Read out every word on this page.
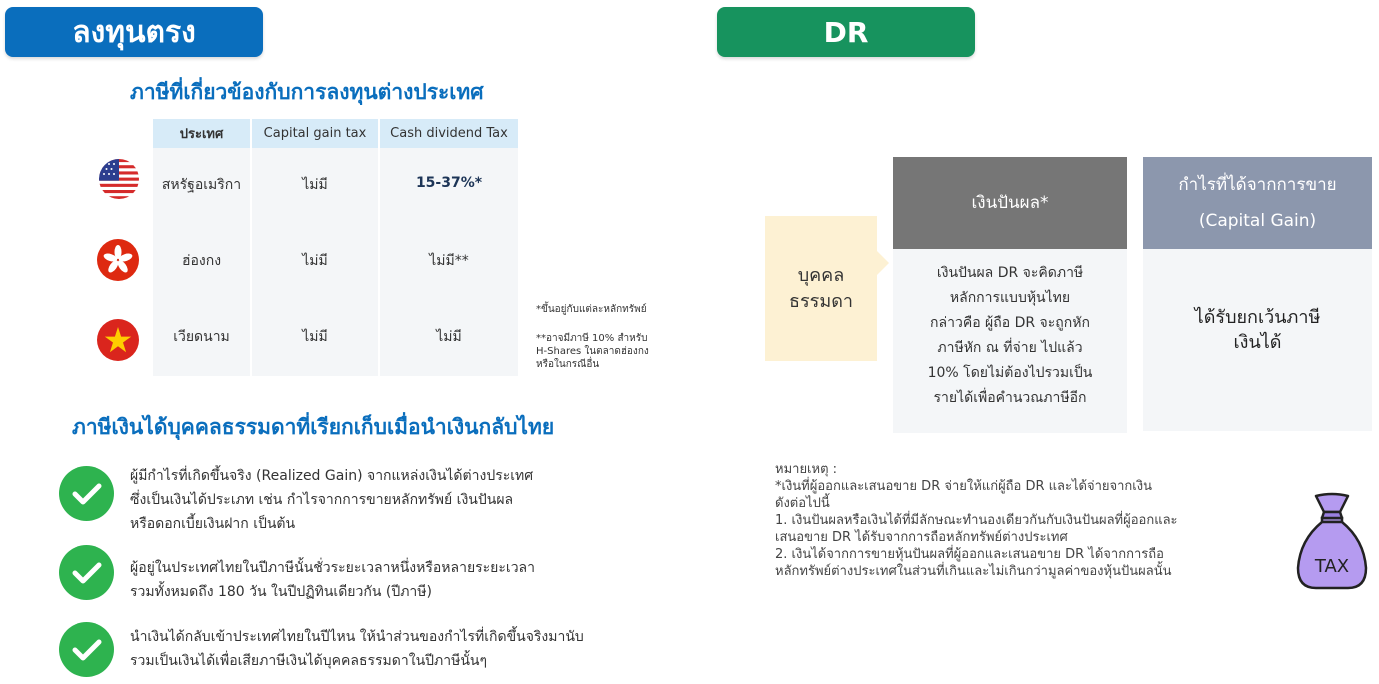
ลงทุนตรง
ภาษีที่เกี่ยวข้องกับการลงทุนต่างประเทศ
ประเทศ	Capital gain tax	Cash dividend Tax
สหรัฐอเมริกา	ไม่มี	15-37%*
ฮ่องกง	ไม่มี	ไม่มี**
เวียดนาม	ไม่มี	ไม่มี
*ขึ้นอยู่กับแต่ละหลักทรัพย์
**อาจมีภาษี 10% สำหรับ
H-Shares ในตลาดฮ่องกง
หรือในกรณีอื่น
ภาษีเงินได้บุคคลธรรมดาที่เรียกเก็บเมื่อนำเงินกลับไทย
ผู้มีกำไรที่เกิดขึ้นจริง (Realized Gain) จากแหล่งเงินได้ต่างประเทศ
ซึ่งเป็นเงินได้ประเภท เช่น กำไรจากการขายหลักทรัพย์ เงินปันผล
หรือดอกเบี้ยเงินฝาก เป็นต้น
ผู้อยู่ในประเทศไทยในปีภาษีนั้นชั่วระยะเวลาหนึ่งหรือหลายระยะเวลา
รวมทั้งหมดถึง 180 วัน ในปีปฏิทินเดียวกัน (ปีภาษี)
นำเงินได้กลับเข้าประเทศไทยในปีไหน ให้นำส่วนของกำไรที่เกิดขึ้นจริงมานับ
รวมเป็นเงินได้เพื่อเสียภาษีเงินได้บุคคลธรรมดาในปีภาษีนั้นๆ
DR
บุคคล
ธรรมดา
เงินปันผล*
เงินปันผล DR จะคิดภาษี
หลักการแบบหุ้นไทย
กล่าวคือ ผู้ถือ DR จะถูกหัก
ภาษีหัก ณ ที่จ่าย ไปแล้ว
10% โดยไม่ต้องไปรวมเป็น
รายได้เพื่อคำนวณภาษีอีก
กำไรที่ได้จากการขาย
(Capital Gain)
ได้รับยกเว้นภาษี
เงินได้
หมายเหตุ :
*เงินที่ผู้ออกและเสนอขาย DR จ่ายให้แก่ผู้ถือ DR และได้จ่ายจากเงิน
ดังต่อไปนี้
1. เงินปันผลหรือเงินได้ที่มีลักษณะทำนองเดียวกันกับเงินปันผลที่ผู้ออกและ
เสนอขาย DR ได้รับจากการถือหลักทรัพย์ต่างประเทศ
2. เงินได้จากการขายหุ้นปันผลที่ผู้ออกและเสนอขาย DR ได้จากการถือ
หลักทรัพย์ต่างประเทศในส่วนที่เกินและไม่เกินกว่ามูลค่าของหุ้นปันผลนั้น	TAX
